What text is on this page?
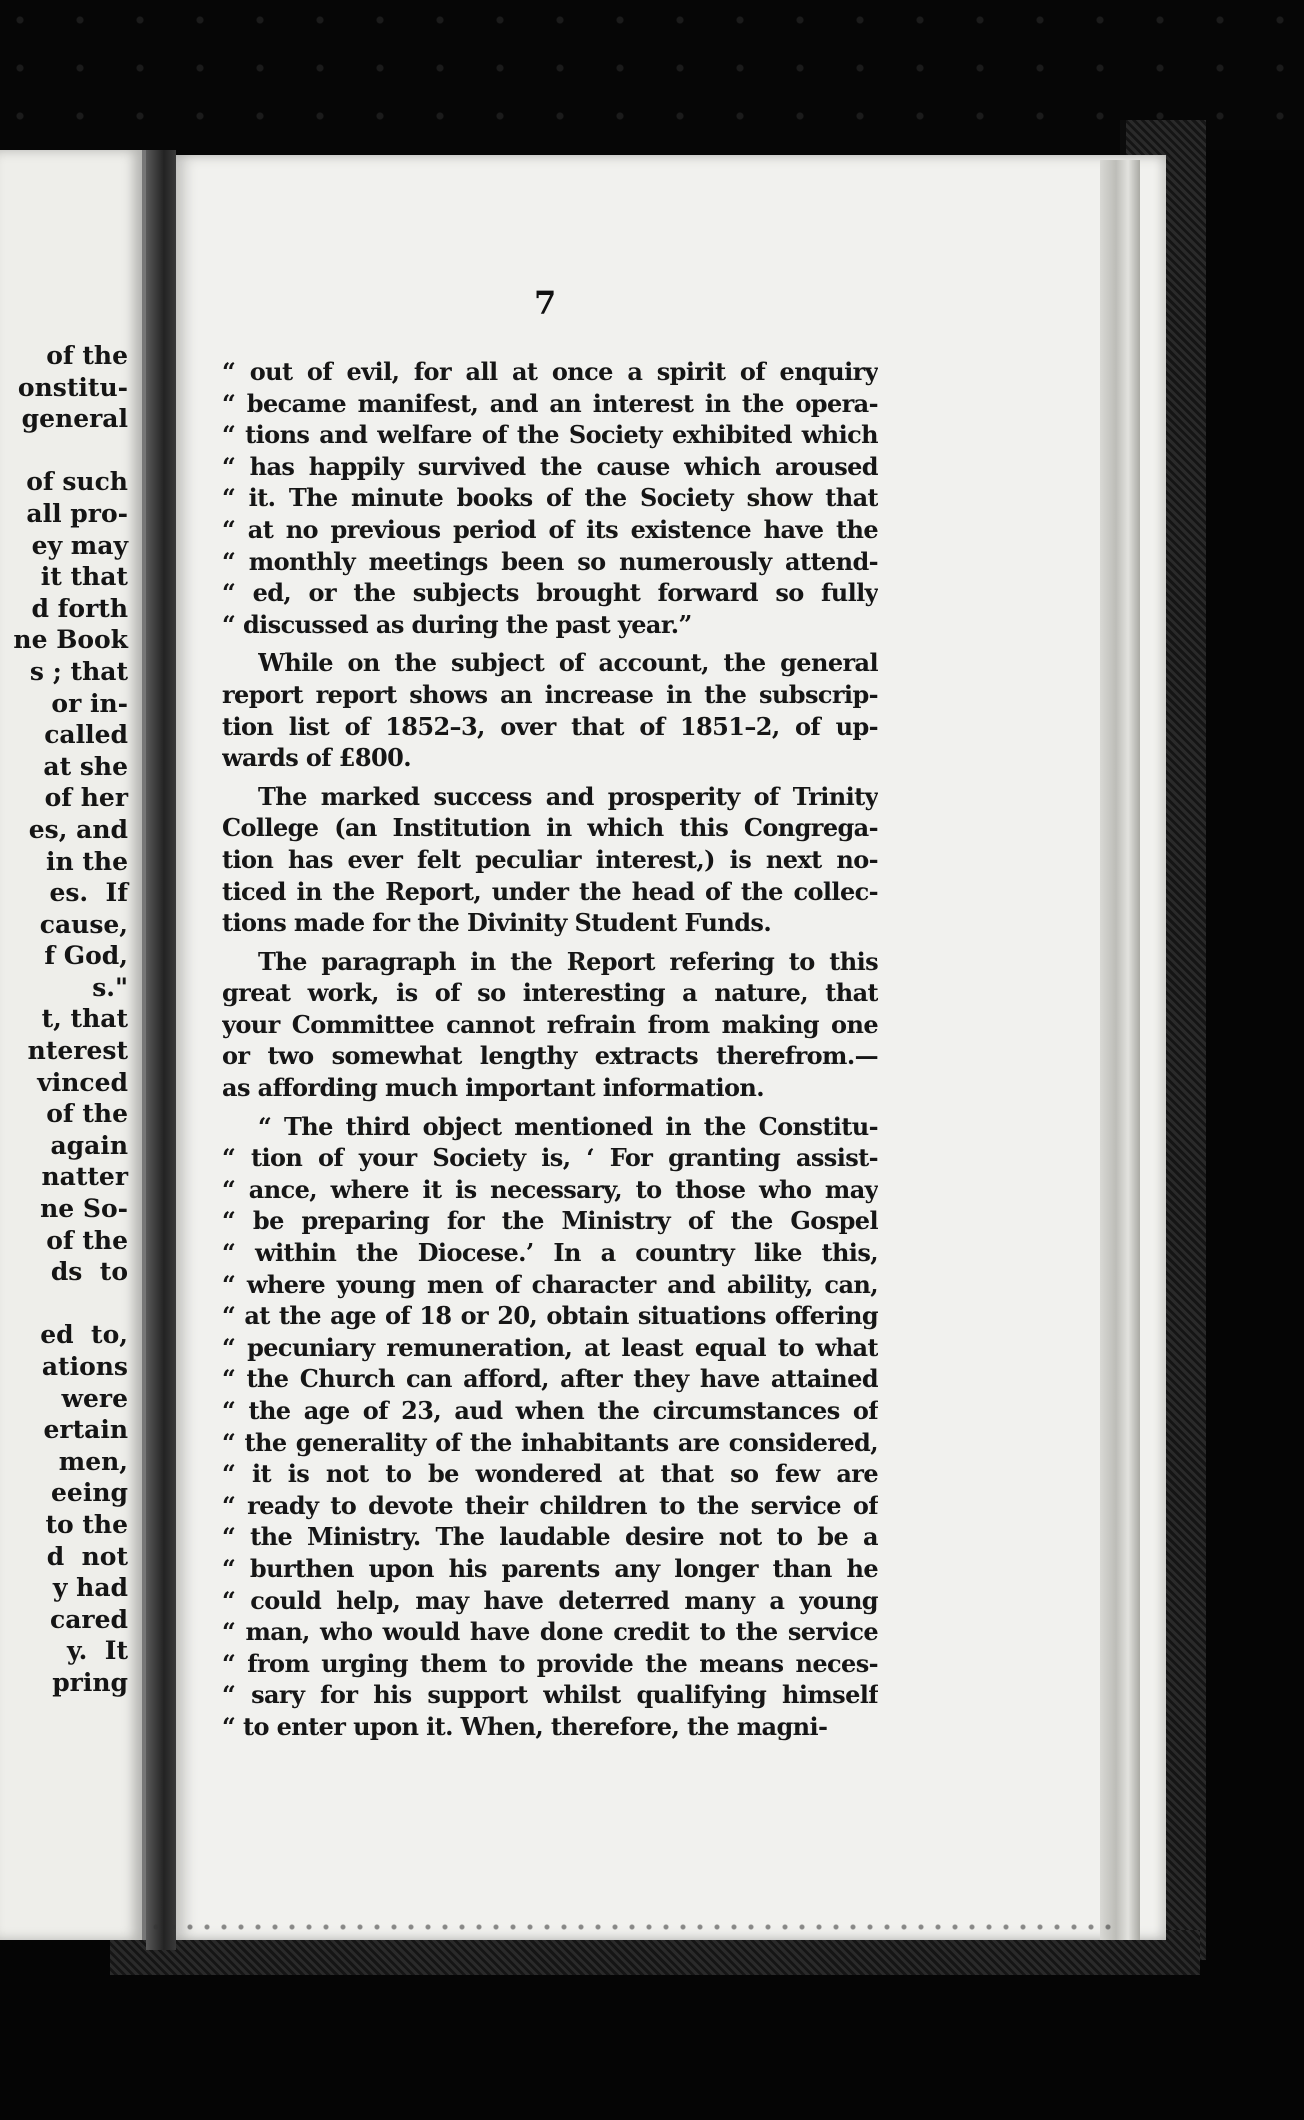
of the
onstitu-
general
of such
all pro-
ey may
it that
d forth
ne Book
s ; that
or in-
called
at she
of her
es, and
in the
es.  If
cause,
f God,
s."
t, that
nterest
vinced
of the
again
natter
ne So-
of the
ds  to
ed  to,
ations
were
ertain
men,
eeing
to the
d  not
y had
cared
y.  It
pring
7
“ out of evil, for all at once a spirit of enquiry
“ became manifest, and an interest in the opera-
“ tions and welfare of the Society exhibited which
“ has happily survived the cause which aroused
“ it. The minute books of the Society show that
“ at no previous period of its existence have the
“ monthly meetings been so numerously attend-
“ ed, or the subjects brought forward so fully
“ discussed as during the past year.”
While on the subject of account, the general
report report shows an increase in the subscrip-
tion list of 1852–3, over that of 1851–2, of up-
wards of £800.
The marked success and prosperity of Trinity
College (an Institution in which this Congrega-
tion has ever felt peculiar interest,) is next no-
ticed in the Report, under the head of the collec-
tions made for the Divinity Student Funds.
The paragraph in the Report refering to this
great work, is of so interesting a nature, that
your Committee cannot refrain from making one
or two somewhat lengthy extracts therefrom.—
as affording much important information.
“ The third object mentioned in the Constitu-
“ tion of your Society is, ‘ For granting assist-
“ ance, where it is necessary, to those who may
“ be preparing for the Ministry of the Gospel
“ within the Diocese.’ In a country like this,
“ where young men of character and ability, can,
“ at the age of 18 or 20, obtain situations offering
“ pecuniary remuneration, at least equal to what
“ the Church can afford, after they have attained
“ the age of 23, aud when the circumstances of
“ the generality of the inhabitants are considered,
“ it is not to be wondered at that so few are
“ ready to devote their children to the service of
“ the Ministry. The laudable desire not to be a
“ burthen upon his parents any longer than he
“ could help, may have deterred many a young
“ man, who would have done credit to the service
“ from urging them to provide the means neces-
“ sary for his support whilst qualifying himself
“ to enter upon it. When, therefore, the magni-
